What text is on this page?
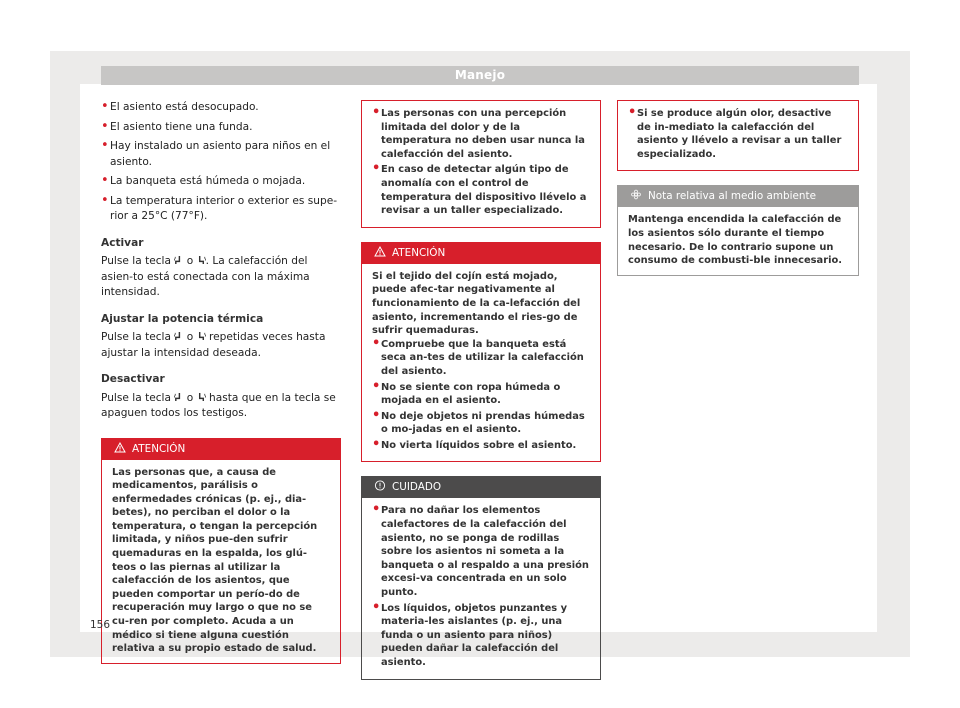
Manejo
• El asiento está desocupado.
• El asiento tiene una funda.
• Hay instalado un asiento para niños en el asiento.
• La banqueta está húmeda o mojada.
• La temperatura interior o exterior es supe-rior a 25°C (77°F).
Activar
Pulse la tecla o . La calefacción del asien-to está conectada con la máxima intensidad.
Ajustar la potencia térmica
Pulse la tecla o repetidas veces hasta ajustar la intensidad deseada.
Desactivar
Pulse la tecla o hasta que en la tecla se apaguen todos los testigos.
ATENCIÓN
Las personas que, a causa de medicamentos, parálisis o enfermedades crónicas (p. ej., dia-betes), no perciban el dolor o la temperatura, o tengan la percepción limitada, y niños pue-den sufrir quemaduras en la espalda, los glú-teos o las piernas al utilizar la calefacción de los asientos, que pueden comportar un perío-do de recuperación muy largo o que no se cu-ren por completo. Acuda a un médico si tiene alguna cuestión relativa a su propio estado de salud.
• Las personas con una percepción limitada del dolor y de la temperatura no deben usar nunca la calefacción del asiento.
• En caso de detectar algún tipo de anomalía con el control de temperatura del dispositivo llévelo a revisar a un taller especializado.
ATENCIÓN
Si el tejido del cojín está mojado, puede afec-tar negativamente al funcionamiento de la ca-lefacción del asiento, incrementando el ries-go de sufrir quemaduras.
• Compruebe que la banqueta está seca an-tes de utilizar la calefacción del asiento.
• No se siente con ropa húmeda o mojada en el asiento.
• No deje objetos ni prendas húmedas o mo-jadas en el asiento.
• No vierta líquidos sobre el asiento.
CUIDADO
• Para no dañar los elementos calefactores de la calefacción del asiento, no se ponga de rodillas sobre los asientos ni someta a la banqueta o al respaldo a una presión excesi-va concentrada en un solo punto.
• Los líquidos, objetos punzantes y materia-les aislantes (p. ej., una funda o un asiento para niños) pueden dañar la calefacción del asiento.
• Si se produce algún olor, desactive de in-mediato la calefacción del asiento y llévelo a revisar a un taller especializado.
Nota relativa al medio ambiente
Mantenga encendida la calefacción de los asientos sólo durante el tiempo necesario. De lo contrario supone un consumo de combusti-ble innecesario.
156
